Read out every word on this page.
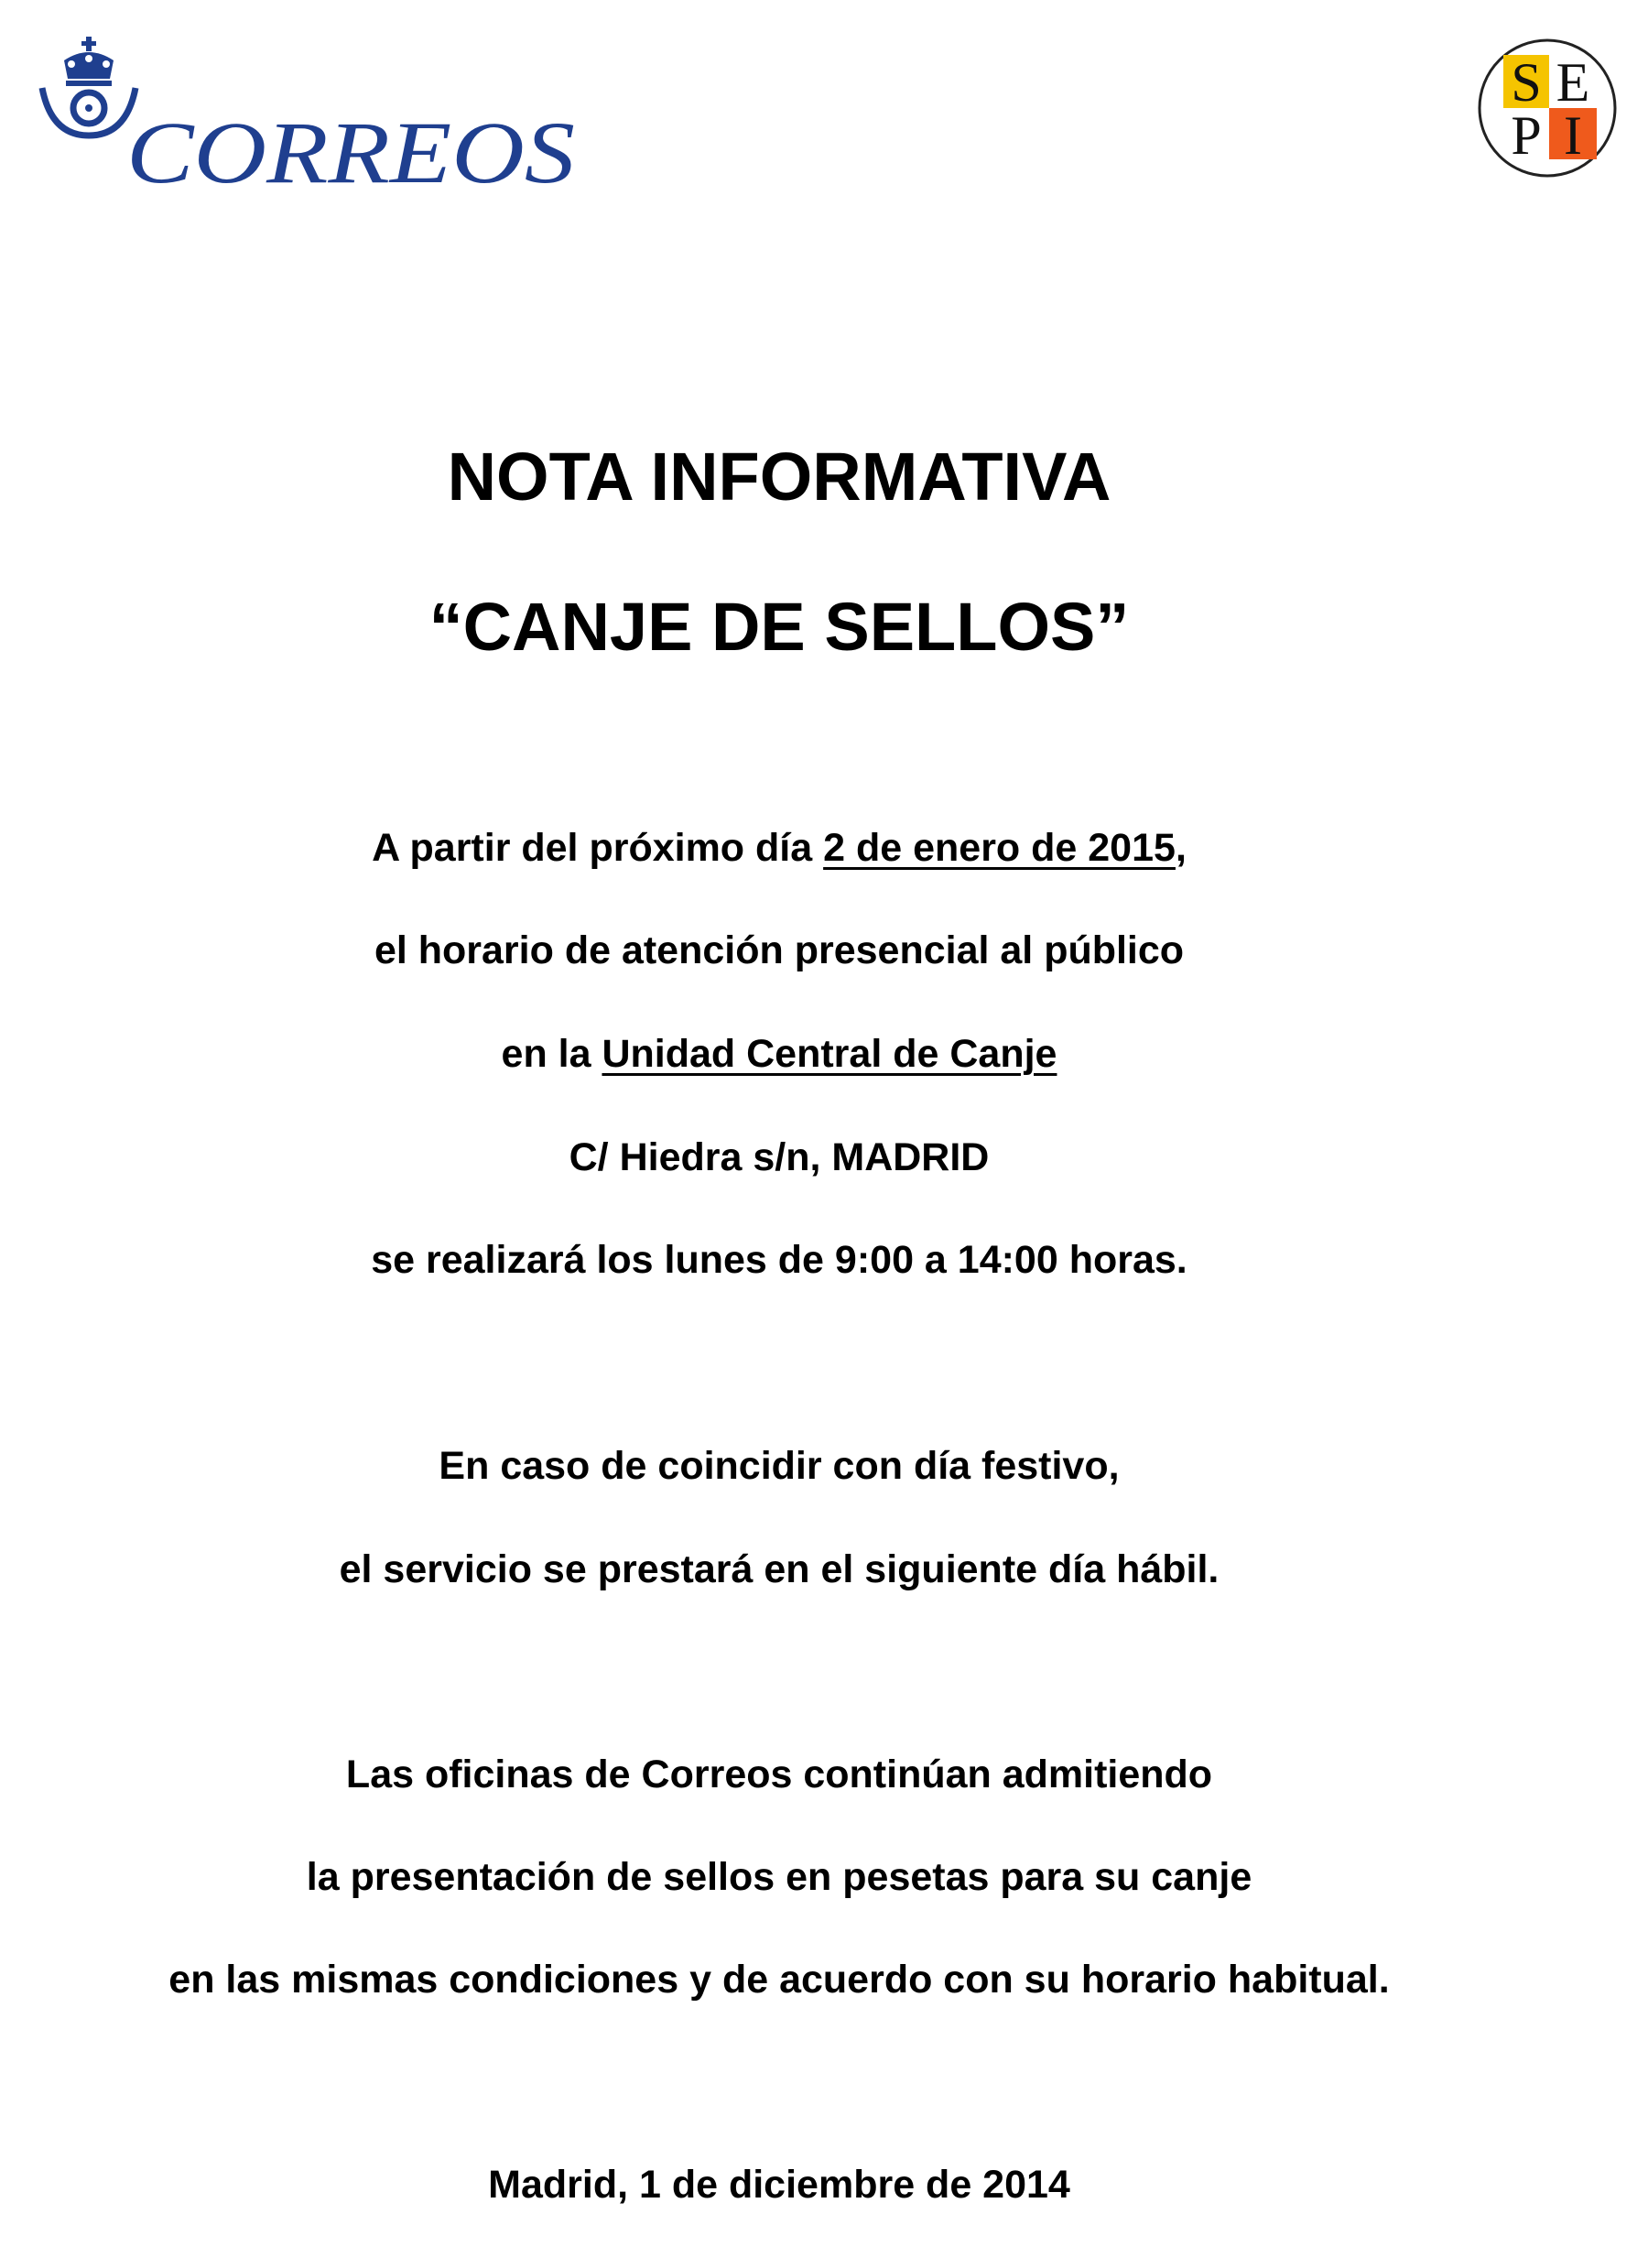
CORREOS
S E
P I
NOTA INFORMATIVA
“CANJE DE SELLOS”

A partir del próximo día 2 de enero de 2015,

el horario de atención presencial al público

en la Unidad Central de Canje

C/ Hiedra s/n, MADRID

se realizará los lunes de 9:00 a 14:00 horas.

En caso de coincidir con día festivo,

el servicio se prestará en el siguiente día hábil.

Las oficinas de Correos continúan admitiendo

la presentación de sellos en pesetas para su canje

en las mismas condiciones y de acuerdo con su horario habitual.

Madrid, 1 de diciembre de 2014
